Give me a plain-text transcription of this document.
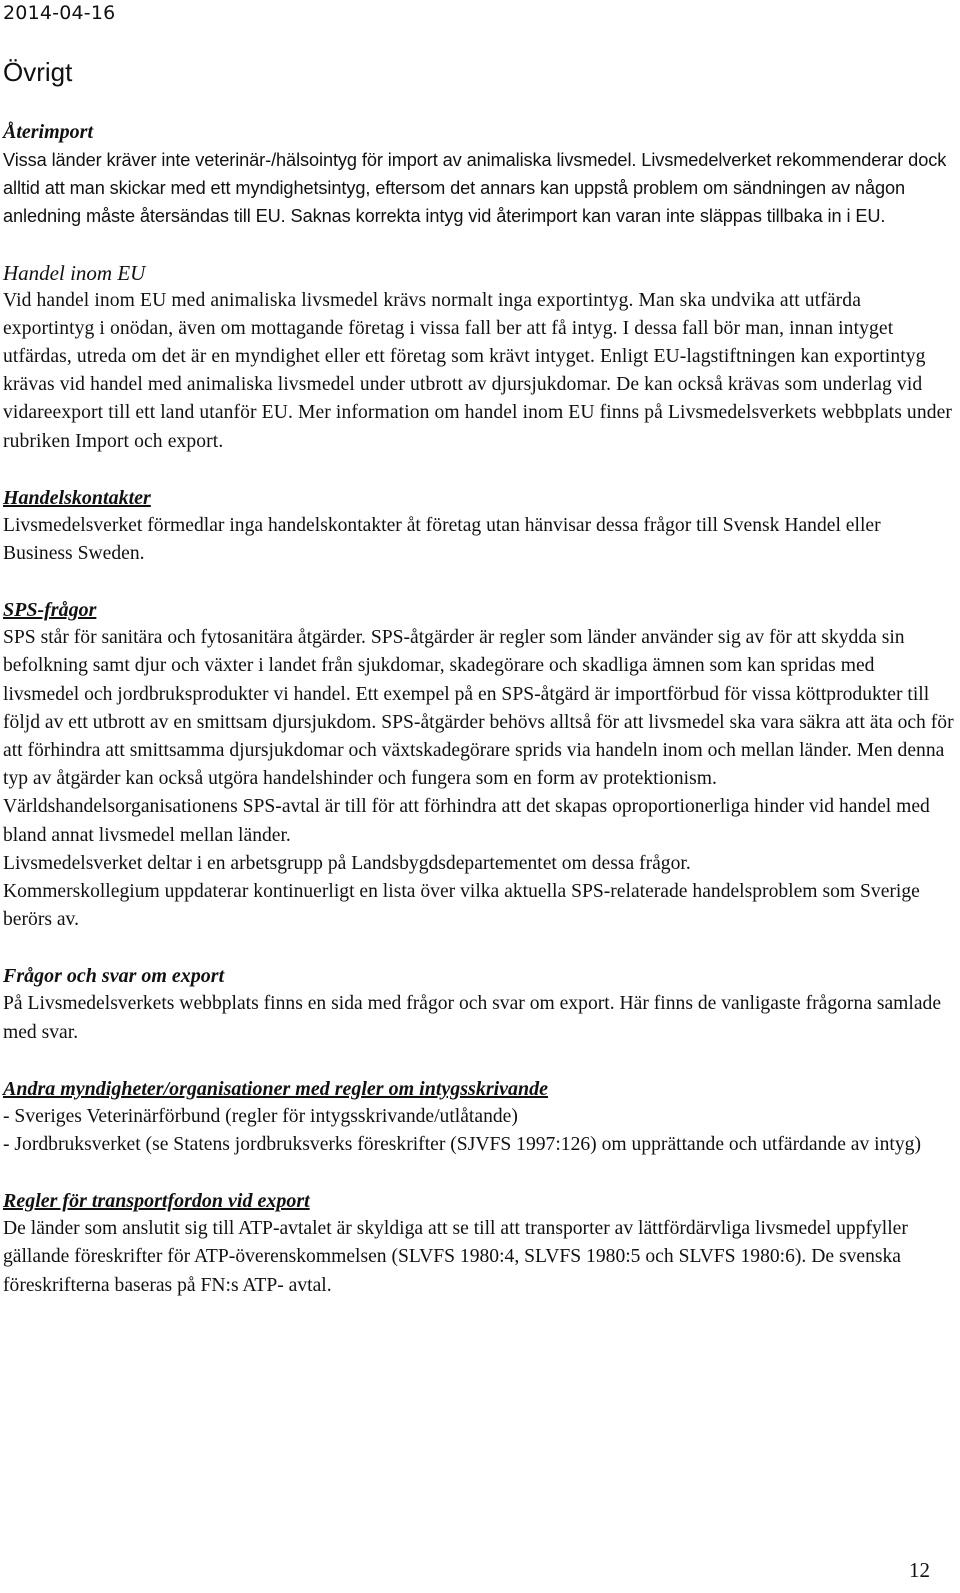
2014-04-16
Övrigt
Återimport
Vissa länder kräver inte veterinär-/hälsointyg för import av animaliska livsmedel. Livsmedelverket rekommenderar dock alltid att man skickar med ett myndighetsintyg, eftersom det annars kan uppstå problem om sändningen av någon anledning måste återsändas till EU. Saknas korrekta intyg vid återimport kan varan inte släppas tillbaka in i EU.
Handel inom EU
Vid handel inom EU med animaliska livsmedel krävs normalt inga exportintyg. Man ska undvika att utfärda exportintyg i onödan, även om mottagande företag i vissa fall ber att få intyg. I dessa fall bör man, innan intyget utfärdas, utreda om det är en myndighet eller ett företag som krävt intyget. Enligt EU-lagstiftningen kan exportintyg krävas vid handel med animaliska livsmedel under utbrott av djursjukdomar. De kan också krävas som underlag vid vidareexport till ett land utanför EU. Mer information om handel inom EU finns på Livsmedelsverkets webbplats under rubriken Import och export.
Handelskontakter
Livsmedelsverket förmedlar inga handelskontakter åt företag utan hänvisar dessa frågor till Svensk Handel eller Business Sweden.
SPS-frågor
SPS står för sanitära och fytosanitära åtgärder. SPS-åtgärder är regler som länder använder sig av för att skydda sin befolkning samt djur och växter i landet från sjukdomar, skadegörare och skadliga ämnen som kan spridas med livsmedel och jordbruksprodukter vi handel. Ett exempel på en SPS-åtgärd är importförbud för vissa köttprodukter till följd av ett utbrott av en smittsam djursjukdom. SPS-åtgärder behövs alltså för att livsmedel ska vara säkra att äta och för att förhindra att smittsamma djursjukdomar och växtskadegörare sprids via handeln inom och mellan länder. Men denna typ av åtgärder kan också utgöra handelshinder och fungera som en form av protektionism.
Världshandelsorganisationens SPS-avtal är till för att förhindra att det skapas oproportionerliga hinder vid handel med bland annat livsmedel mellan länder.
Livsmedelsverket deltar i en arbetsgrupp på Landsbygdsdepartementet om dessa frågor.
Kommerskollegium uppdaterar kontinuerligt en lista över vilka aktuella SPS-relaterade handelsproblem som Sverige berörs av.
Frågor och svar om export
På Livsmedelsverkets webbplats finns en sida med frågor och svar om export. Här finns de vanligaste frågorna samlade med svar.
Andra myndigheter/organisationer med regler om intygsskrivande
- Sveriges Veterinärförbund (regler för intygsskrivande/utlåtande)
- Jordbruksverket (se Statens jordbruksverks föreskrifter (SJVFS 1997:126) om upprättande och utfärdande av intyg)
Regler för transportfordon vid export
De länder som anslutit sig till ATP-avtalet är skyldiga att se till att transporter av lättfördärvliga livsmedel uppfyller gällande föreskrifter för ATP-överenskommelsen (SLVFS 1980:4, SLVFS 1980:5 och SLVFS 1980:6). De svenska föreskrifterna baseras på FN:s ATP- avtal.
12
